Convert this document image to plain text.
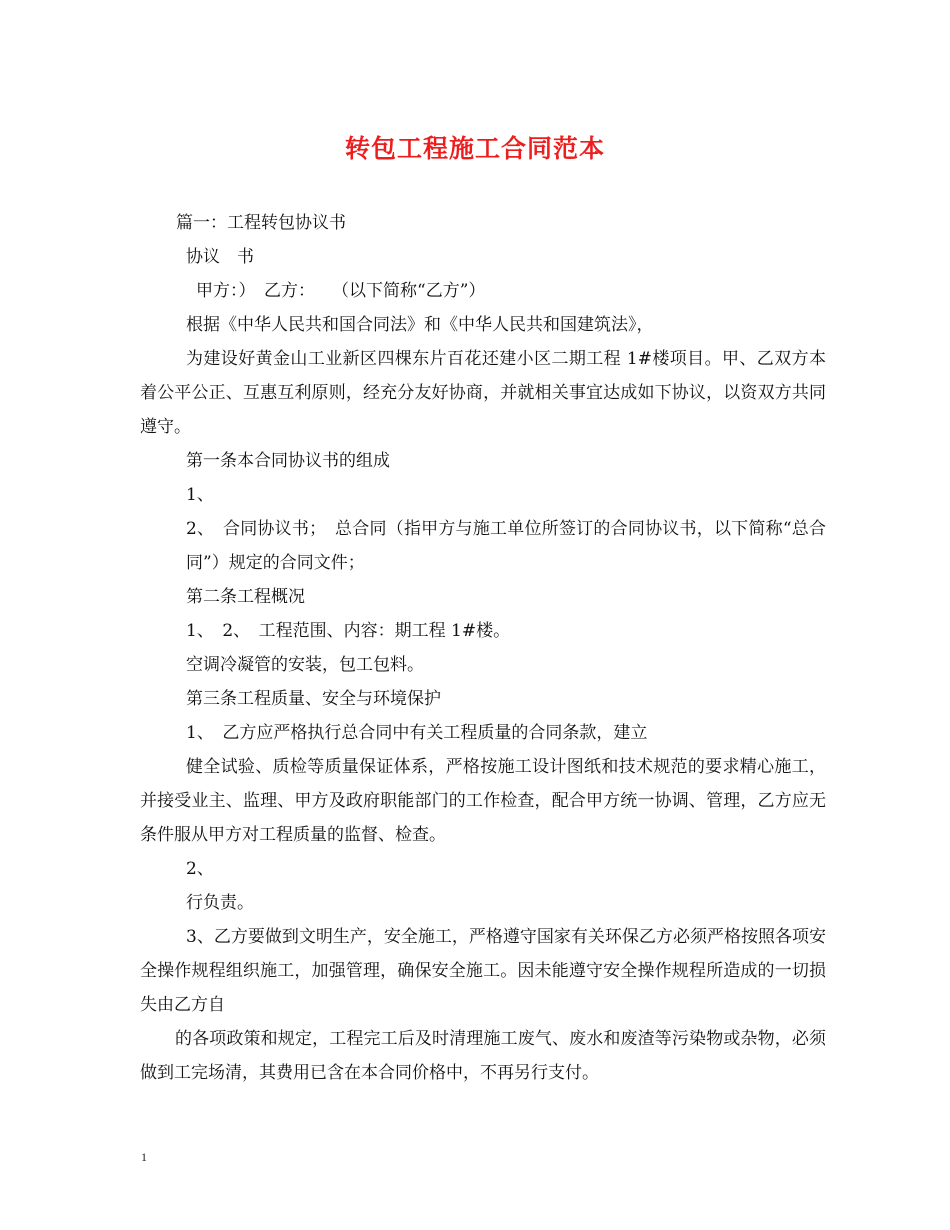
转包工程施工合同范本

篇一：工程转包协议书

协议　书

甲方：）　乙方：　　（以下简称“乙方”）

根据《中华人民共和国合同法》和《中华人民共和国建筑法》，

为建设好黄金山工业新区四棵东片百花还建小区二期工程 1#楼项目。甲、乙双方本着公平公正、互惠互利原则，经充分友好协商，并就相关事宜达成如下协议，以资双方共同遵守。

第一条本合同协议书的组成

1、

2、　合同协议书；　总合同（指甲方与施工单位所签订的合同协议书，以下简称“总合同”）规定的合同文件；

第二条工程概况

1、　2、　工程范围、内容：期工程 1#楼。

空调冷凝管的安装，包工包料。

第三条工程质量、安全与环境保护

1、　乙方应严格执行总合同中有关工程质量的合同条款，建立

健全试验、质检等质量保证体系，严格按施工设计图纸和技术规范的要求精心施工，并接受业主、监理、甲方及政府职能部门的工作检查，配合甲方统一协调、管理，乙方应无条件服从甲方对工程质量的监督、检查。

2、

行负责。

3、乙方要做到文明生产，安全施工，严格遵守国家有关环保乙方必须严格按照各项安全操作规程组织施工，加强管理，确保安全施工。因未能遵守安全操作规程所造成的一切损失由乙方自

的各项政策和规定，工程完工后及时清理施工废气、废水和废渣等污染物或杂物，必须做到工完场清，其费用已含在本合同价格中，不再另行支付。

1
